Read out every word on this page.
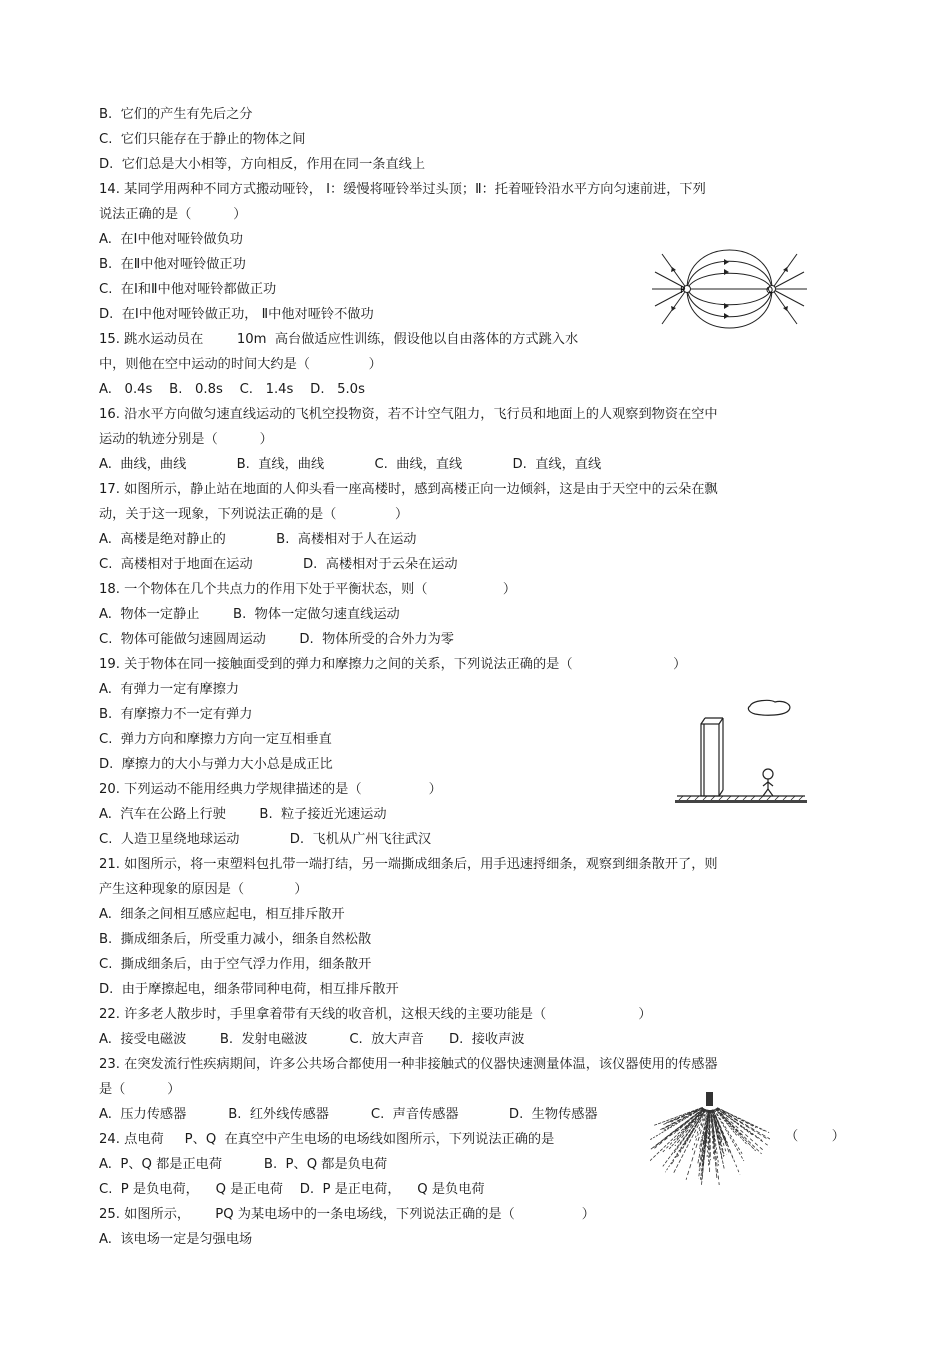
B.  它们的产生有先后之分
C.  它们只能存在于静止的物体之间
D.  它们总是大小相等，方向相反，作用在同一条直线上
14. 某同学用两种不同方式搬动哑铃， Ⅰ：缓慢将哑铃举过头顶；Ⅱ：托着哑铃沿水平方向匀速前进，下列
说法正确的是（          ）
A.  在Ⅰ中他对哑铃做负功
B.  在Ⅱ中他对哑铃做正功
C.  在Ⅰ和Ⅱ中他对哑铃都做正功
D.  在Ⅰ中他对哑铃做正功， Ⅱ中他对哑铃不做功
15. 跳水运动员在        10m  高台做适应性训练，假设他以自由落体的方式跳入水
中，则他在空中运动的时间大约是（              ）
A.   0.4s    B.   0.8s    C.   1.4s    D.   5.0s
16. 沿水平方向做匀速直线运动的飞机空投物资，若不计空气阻力，飞行员和地面上的人观察到物资在空中
运动的轨迹分别是（          ）
A.  曲线，曲线            B.  直线，曲线            C.  曲线，直线            D.  直线，直线
17. 如图所示，静止站在地面的人仰头看一座高楼时，感到高楼正向一边倾斜，这是由于天空中的云朵在飘
动，关于这一现象，下列说法正确的是（              ）
A.  高楼是绝对静止的            B.  高楼相对于人在运动
C.  高楼相对于地面在运动            D.  高楼相对于云朵在运动
18. 一个物体在几个共点力的作用下处于平衡状态，则（                  ）
A.  物体一定静止        B.  物体一定做匀速直线运动
C.  物体可能做匀速圆周运动        D.  物体所受的合外力为零
19. 关于物体在同一接触面受到的弹力和摩擦力之间的关系，下列说法正确的是（                        ）
A.  有弹力一定有摩擦力
B.  有摩擦力不一定有弹力
C.  弹力方向和摩擦力方向一定互相垂直
D.  摩擦力的大小与弹力大小总是成正比
20. 下列运动不能用经典力学规律描述的是（                ）
A.  汽车在公路上行驶        B.  粒子接近光速运动
C.  人造卫星绕地球运动            D.  飞机从广州飞往武汉
21. 如图所示，将一束塑料包扎带一端打结，另一端撕成细条后，用手迅速捋细条，观察到细条散开了，则
产生这种现象的原因是（            ）
A.  细条之间相互感应起电，相互排斥散开
B.  撕成细条后，所受重力减小，细条自然松散
C.  撕成细条后，由于空气浮力作用，细条散开
D.  由于摩擦起电，细条带同种电荷，相互排斥散开
22. 许多老人散步时，手里拿着带有天线的收音机，这根天线的主要功能是（                      ）
A.  接受电磁波        B.  发射电磁波          C.  放大声音      D.  接收声波
23. 在突发流行性疾病期间，许多公共场合都使用一种非接触式的仪器快速测量体温，该仪器使用的传感器
是（          ）
A.  压力传感器          B.  红外线传感器          C.  声音传感器            D.  生物传感器
24. 点电荷     P、Q  在真空中产生电场的电场线如图所示，下列说法正确的是
A.  P、Q 都是正电荷          B.  P、Q 都是负电荷
C.  P 是负电荷，    Q 是正电荷    D.  P 是正电荷，    Q 是负电荷
25. 如图所示，      PQ 为某电场中的一条电场线，下列说法正确的是（                ）
A.  该电场一定是匀强电场
（        ）
P	Q
